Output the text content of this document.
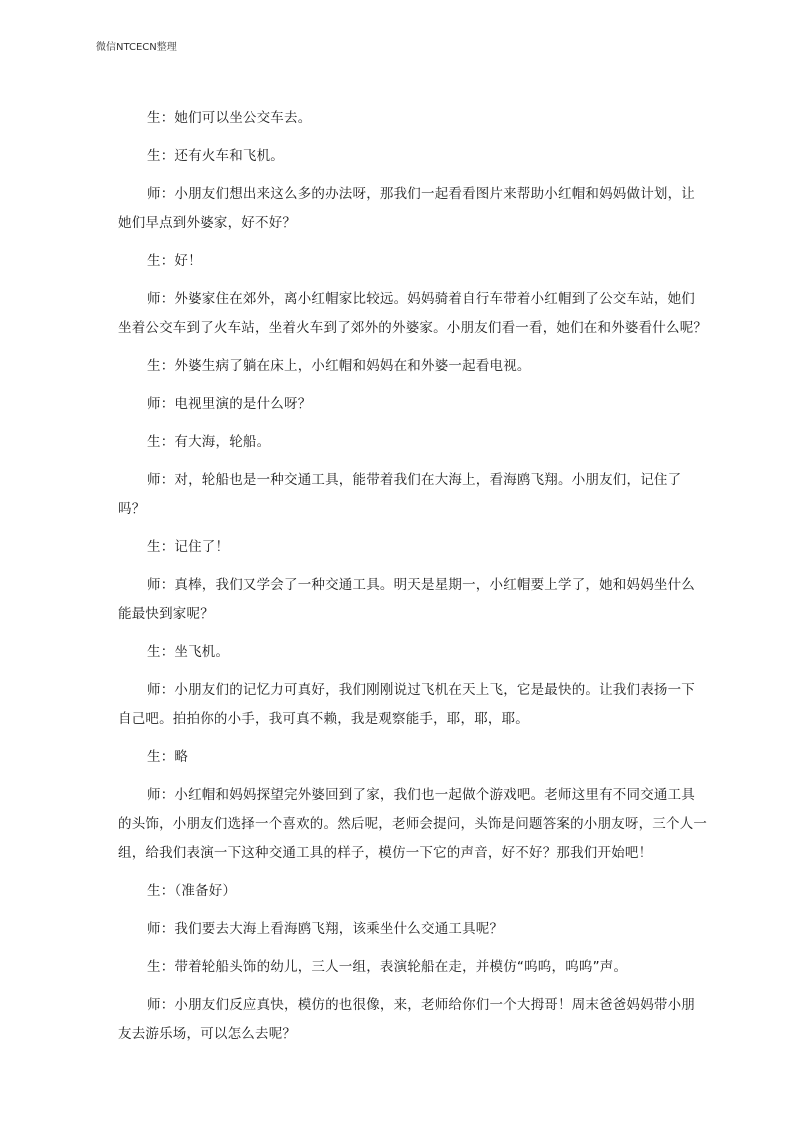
微信NTCECN整理

生：她们可以坐公交车去。

生：还有火车和飞机。

师：小朋友们想出来这么多的办法呀，那我们一起看看图片来帮助小红帽和妈妈做计划，让她们早点到外婆家，好不好？

生：好！

师：外婆家住在郊外，离小红帽家比较远。妈妈骑着自行车带着小红帽到了公交车站，她们坐着公交车到了火车站，坐着火车到了郊外的外婆家。小朋友们看一看，她们在和外婆看什么呢？

生：外婆生病了躺在床上，小红帽和妈妈在和外婆一起看电视。

师：电视里演的是什么呀？

生：有大海，轮船。

师：对，轮船也是一种交通工具，能带着我们在大海上，看海鸥飞翔。小朋友们，记住了吗？

生：记住了！

师：真棒，我们又学会了一种交通工具。明天是星期一，小红帽要上学了，她和妈妈坐什么能最快到家呢？

生：坐飞机。

师：小朋友们的记忆力可真好，我们刚刚说过飞机在天上飞，它是最快的。让我们表扬一下自己吧。拍拍你的小手，我可真不赖，我是观察能手，耶，耶，耶。

生：略

师：小红帽和妈妈探望完外婆回到了家，我们也一起做个游戏吧。老师这里有不同交通工具的头饰，小朋友们选择一个喜欢的。然后呢，老师会提问，头饰是问题答案的小朋友呀，三个人一组，给我们表演一下这种交通工具的样子，模仿一下它的声音，好不好？那我们开始吧！

生：（准备好）

师：我们要去大海上看海鸥飞翔，该乘坐什么交通工具呢？

生：带着轮船头饰的幼儿，三人一组，表演轮船在走，并模仿“呜呜，呜呜”声。

师：小朋友们反应真快，模仿的也很像，来，老师给你们一个大拇哥！周末爸爸妈妈带小朋友去游乐场，可以怎么去呢？
